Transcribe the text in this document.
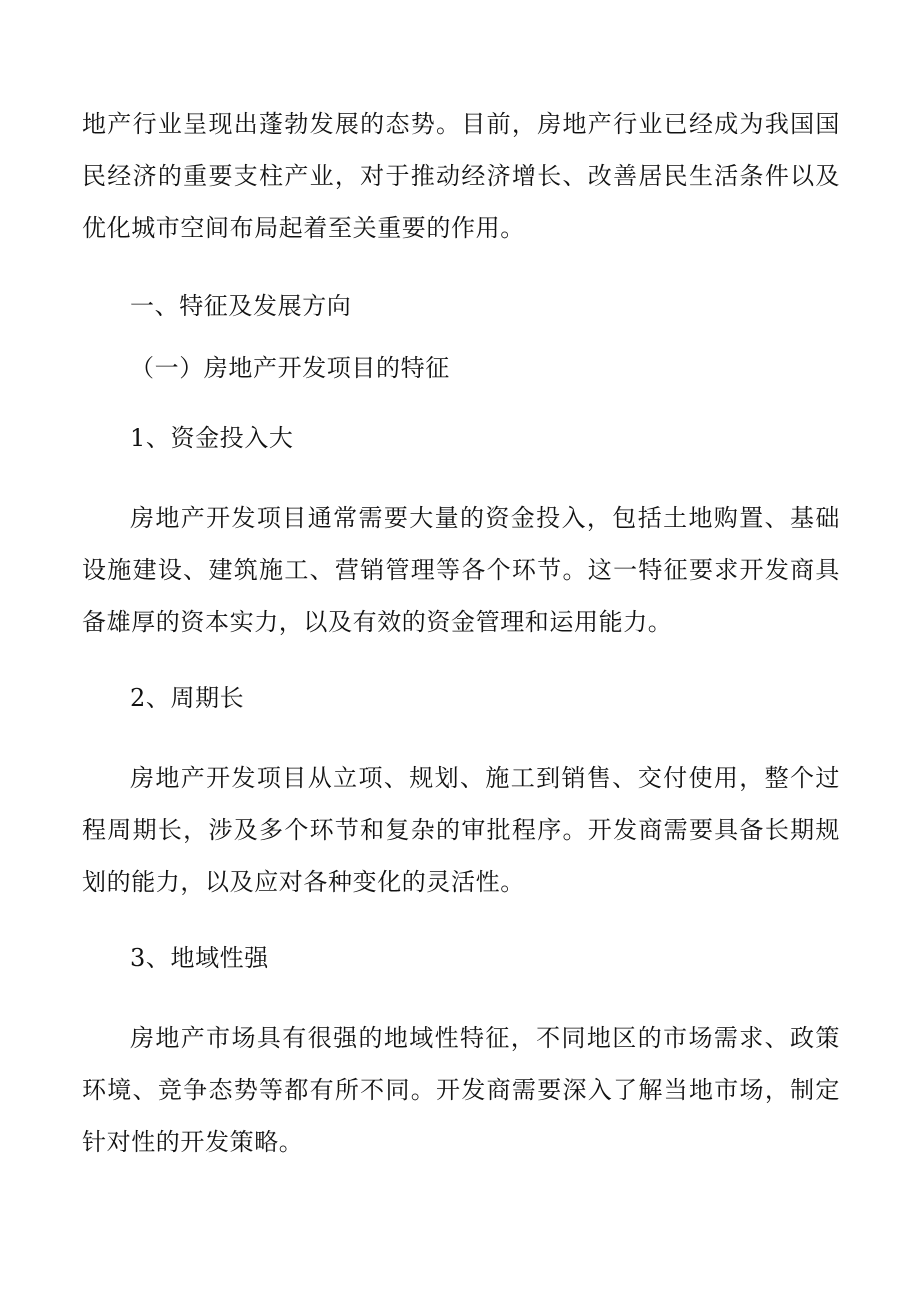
地产行业呈现出蓬勃发展的态势。目前，房地产行业已经成为我国国民经济的重要支柱产业，对于推动经济增长、改善居民生活条件以及优化城市空间布局起着至关重要的作用。

一、特征及发展方向
（一）房地产开发项目的特征
1、资金投入大

房地产开发项目通常需要大量的资金投入，包括土地购置、基础设施建设、建筑施工、营销管理等各个环节。这一特征要求开发商具备雄厚的资本实力，以及有效的资金管理和运用能力。

2、周期长

房地产开发项目从立项、规划、施工到销售、交付使用，整个过程周期长，涉及多个环节和复杂的审批程序。开发商需要具备长期规划的能力，以及应对各种变化的灵活性。

3、地域性强

房地产市场具有很强的地域性特征，不同地区的市场需求、政策环境、竞争态势等都有所不同。开发商需要深入了解当地市场，制定针对性的开发策略。
